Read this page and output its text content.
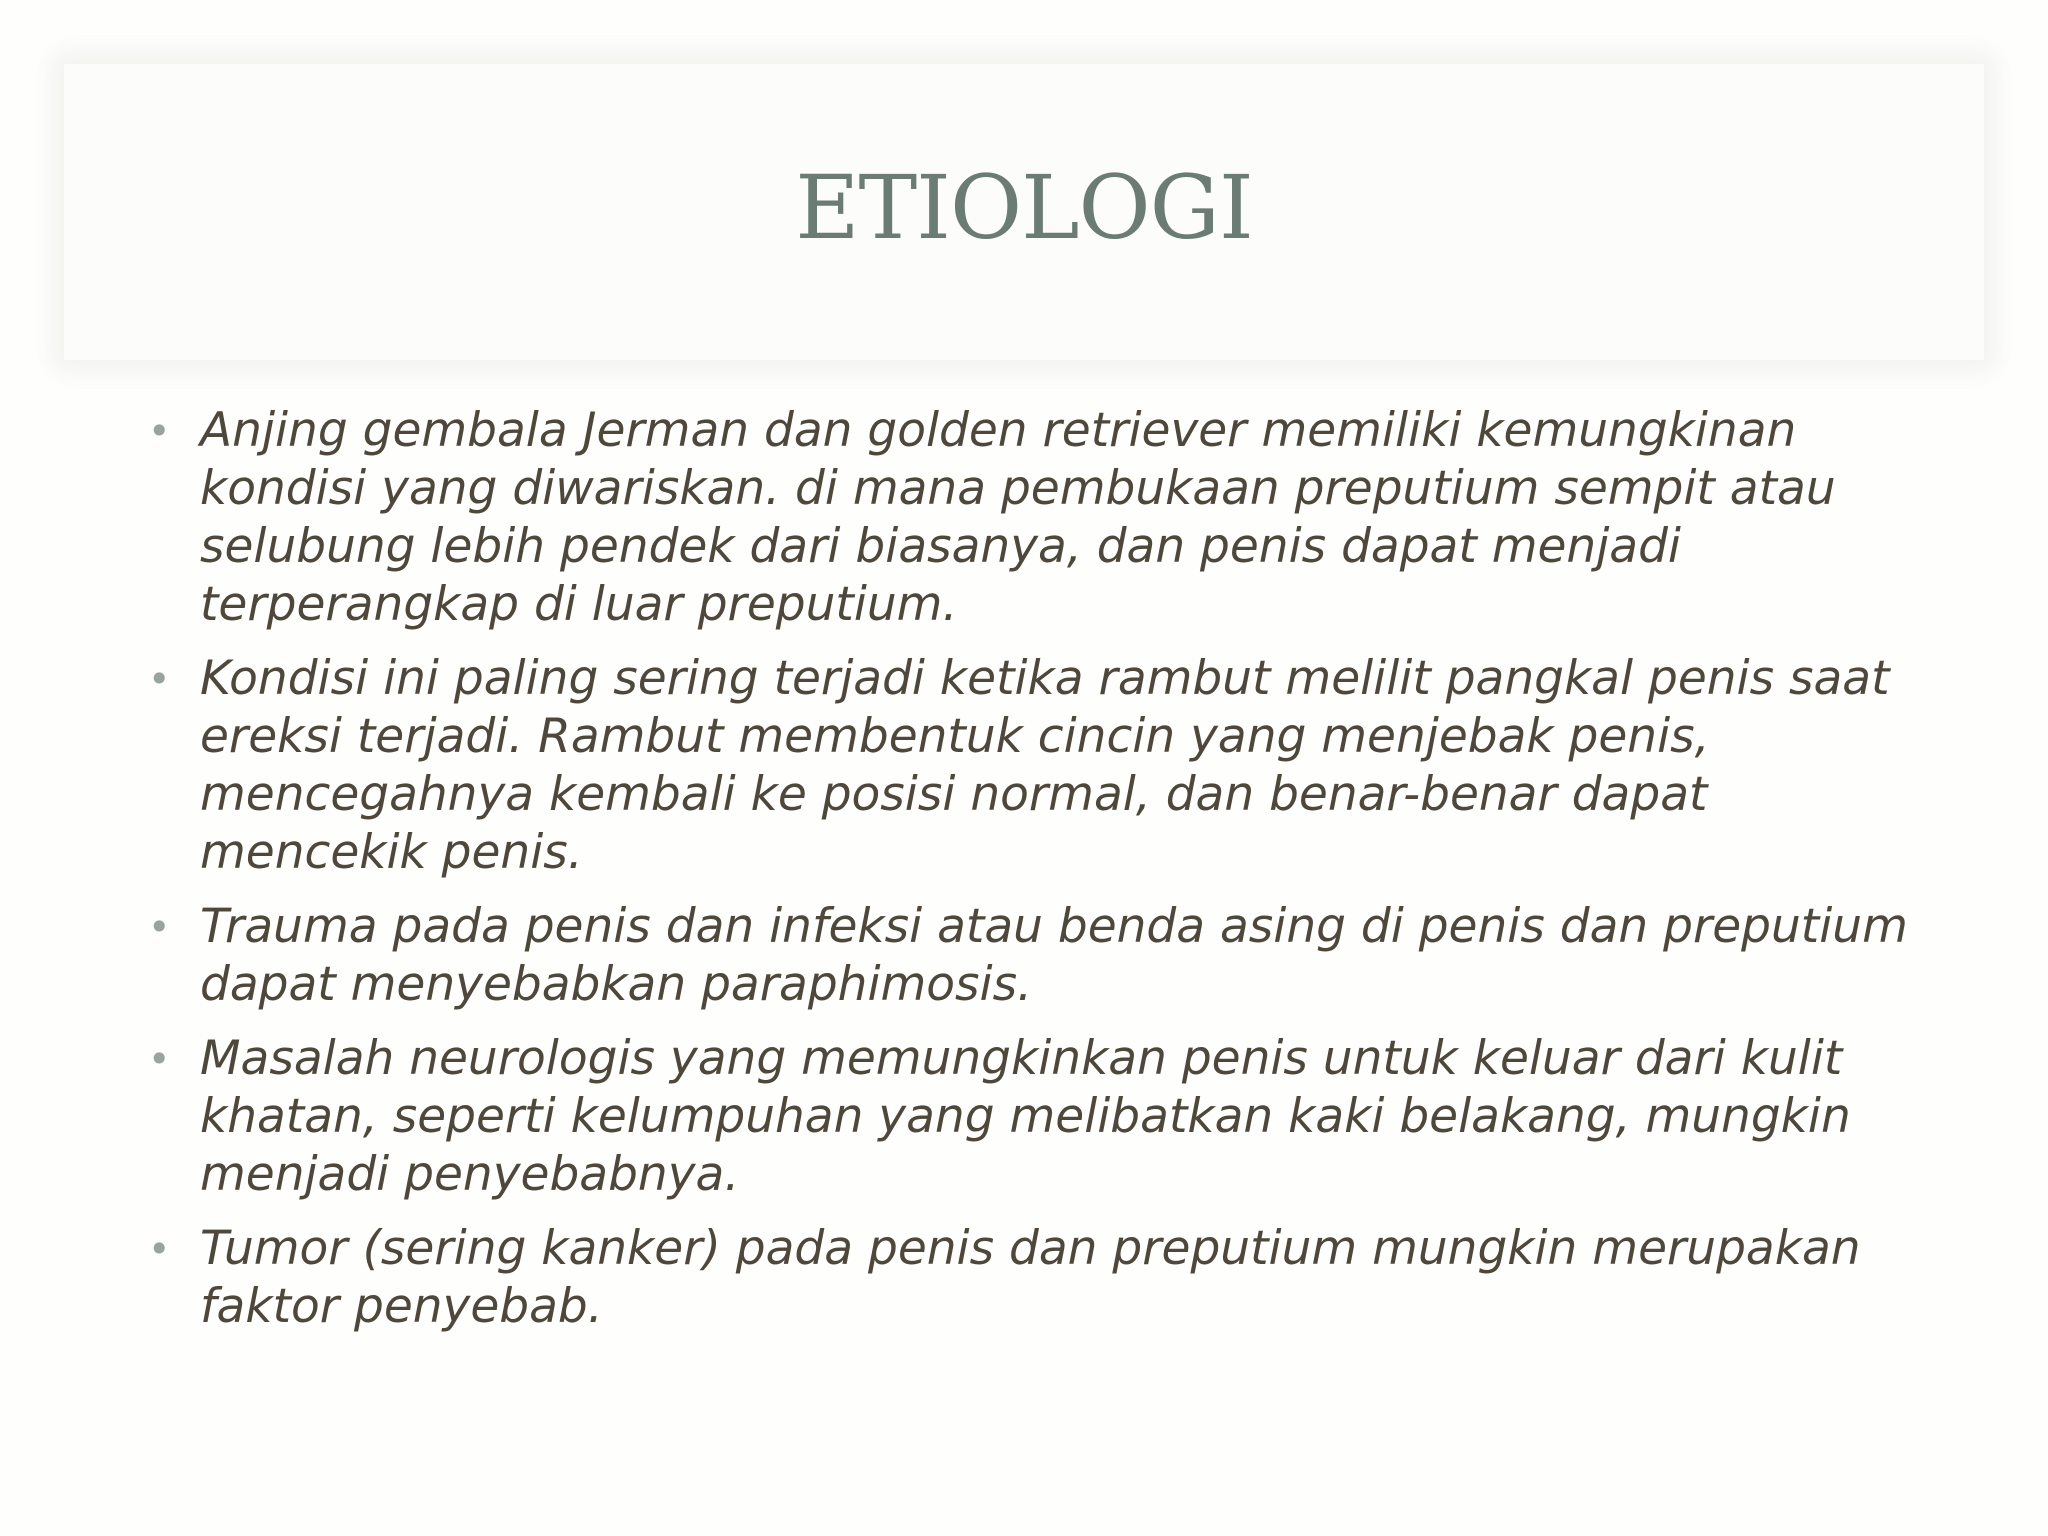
ETIOLOGI
• Anjing gembala Jerman dan golden retriever memiliki kemungkinan kondisi yang diwariskan. di mana pembukaan preputium sempit atau selubung lebih pendek dari biasanya, dan penis dapat menjadi terperangkap di luar preputium.
• Kondisi ini paling sering terjadi ketika rambut melilit pangkal penis saat ereksi terjadi. Rambut membentuk cincin yang menjebak penis, mencegahnya kembali ke posisi normal, dan benar-benar dapat mencekik penis.
• Trauma pada penis dan infeksi atau benda asing di penis dan preputium dapat menyebabkan paraphimosis.
• Masalah neurologis yang memungkinkan penis untuk keluar dari kulit khatan, seperti kelumpuhan yang melibatkan kaki belakang, mungkin menjadi penyebabnya.
• Tumor (sering kanker) pada penis dan preputium mungkin merupakan faktor penyebab.
